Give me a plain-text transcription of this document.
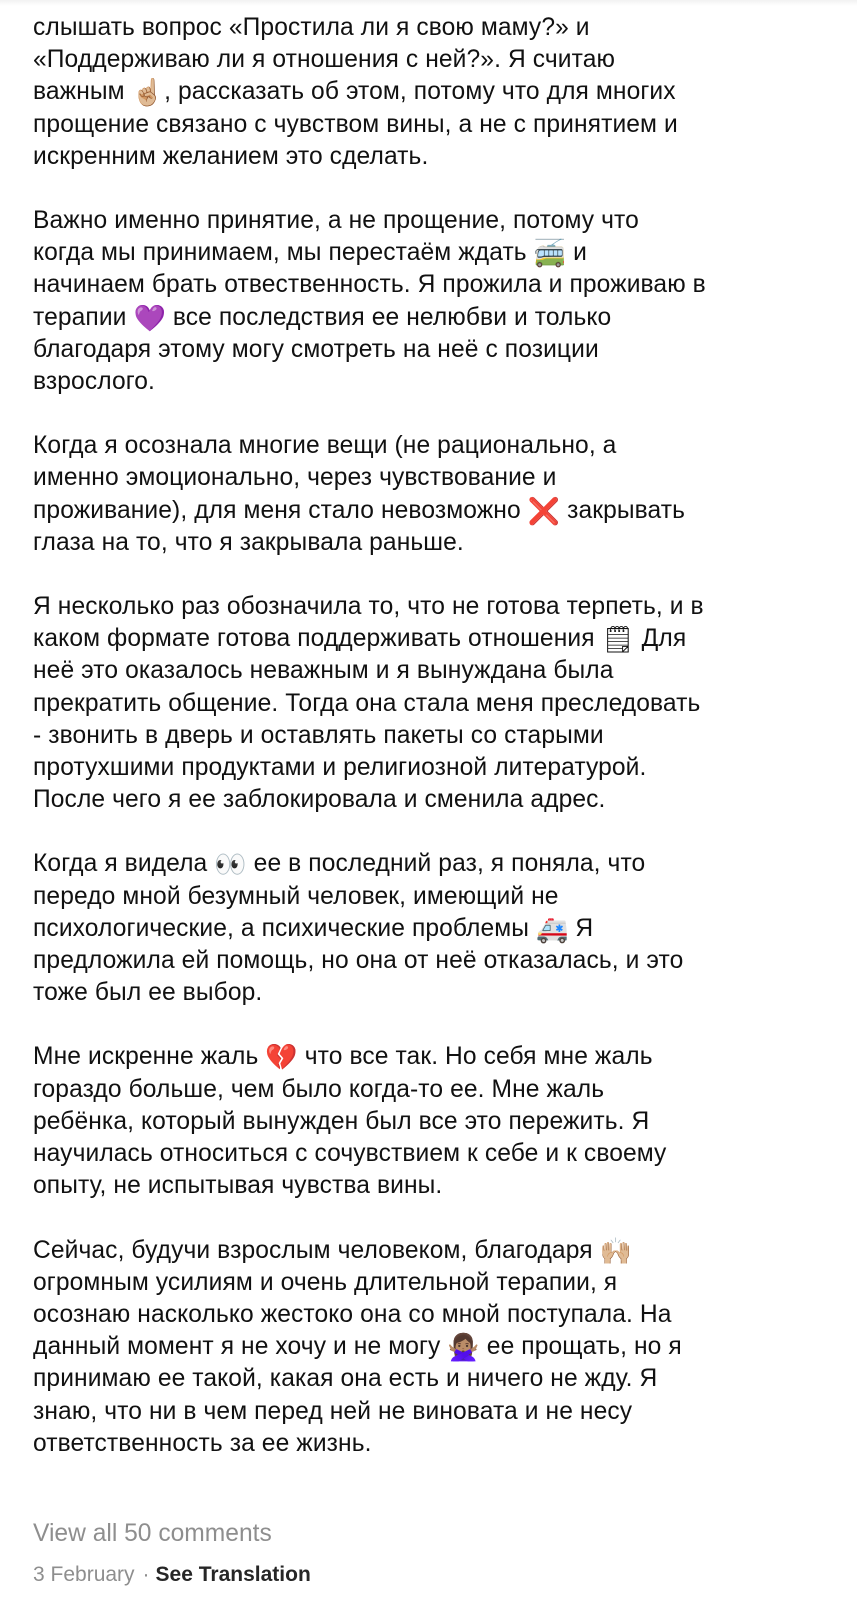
слышать вопрос «Простила ли я свою маму?» и
«Поддерживаю ли я отношения с ней?». Я считаю
важным ☝🏼, рассказать об этом, потому что для многих
прощение связано с чувством вины, а не с принятием и
искренним желанием это сделать.
Важно именно принятие, а не прощение, потому что
когда мы принимаем, мы перестаём ждать 🚎 и
начинаем брать отвественность. Я прожила и проживаю в
терапии 💜 все последствия ее нелюбви и только
благодаря этому могу смотреть на неё с позиции
взрослого.
Когда я осознала многие вещи (не рационально, а
именно эмоционально, через чувствование и
проживание), для меня стало невозможно ❌ закрывать
глаза на то, что я закрывала раньше.
Я несколько раз обозначила то, что не готова терпеть, и в
каком формате готова поддерживать отношения 🗒 Для
неё это оказалось неважным и я вынуждана была
прекратить общение. Тогда она стала меня преследовать
- звонить в дверь и оставлять пакеты со старыми
протухшими продуктами и религиозной литературой.
После чего я ее заблокировала и сменила адрес.
Когда я видела 👀 ее в последний раз, я поняла, что
передо мной безумный человек, имеющий не
психологические, а психические проблемы 🚑 Я
предложила ей помощь, но она от неё отказалась, и это
тоже был ее выбор.
Мне искренне жаль 💔 что все так. Но себя мне жаль
гораздо больше, чем было когда-то ее. Мне жаль
ребёнка, который вынужден был все это пережить. Я
научилась относиться с сочувствием к себе и к своему
опыту, не испытывая чувства вины.
Сейчас, будучи взрослым человеком, благодаря 🙌🏼
огромным усилиям и очень длительной терапии, я
осознаю насколько жестоко она со мной поступала. На
данный момент я не хочу и не могу 🙅🏽‍♀️ ее прощать, но я
принимаю ее такой, какая она есть и ничего не жду. Я
знаю, что ни в чем перед ней не виновата и не несу
ответственность за ее жизнь.
View all 50 comments
3 February · See Translation
